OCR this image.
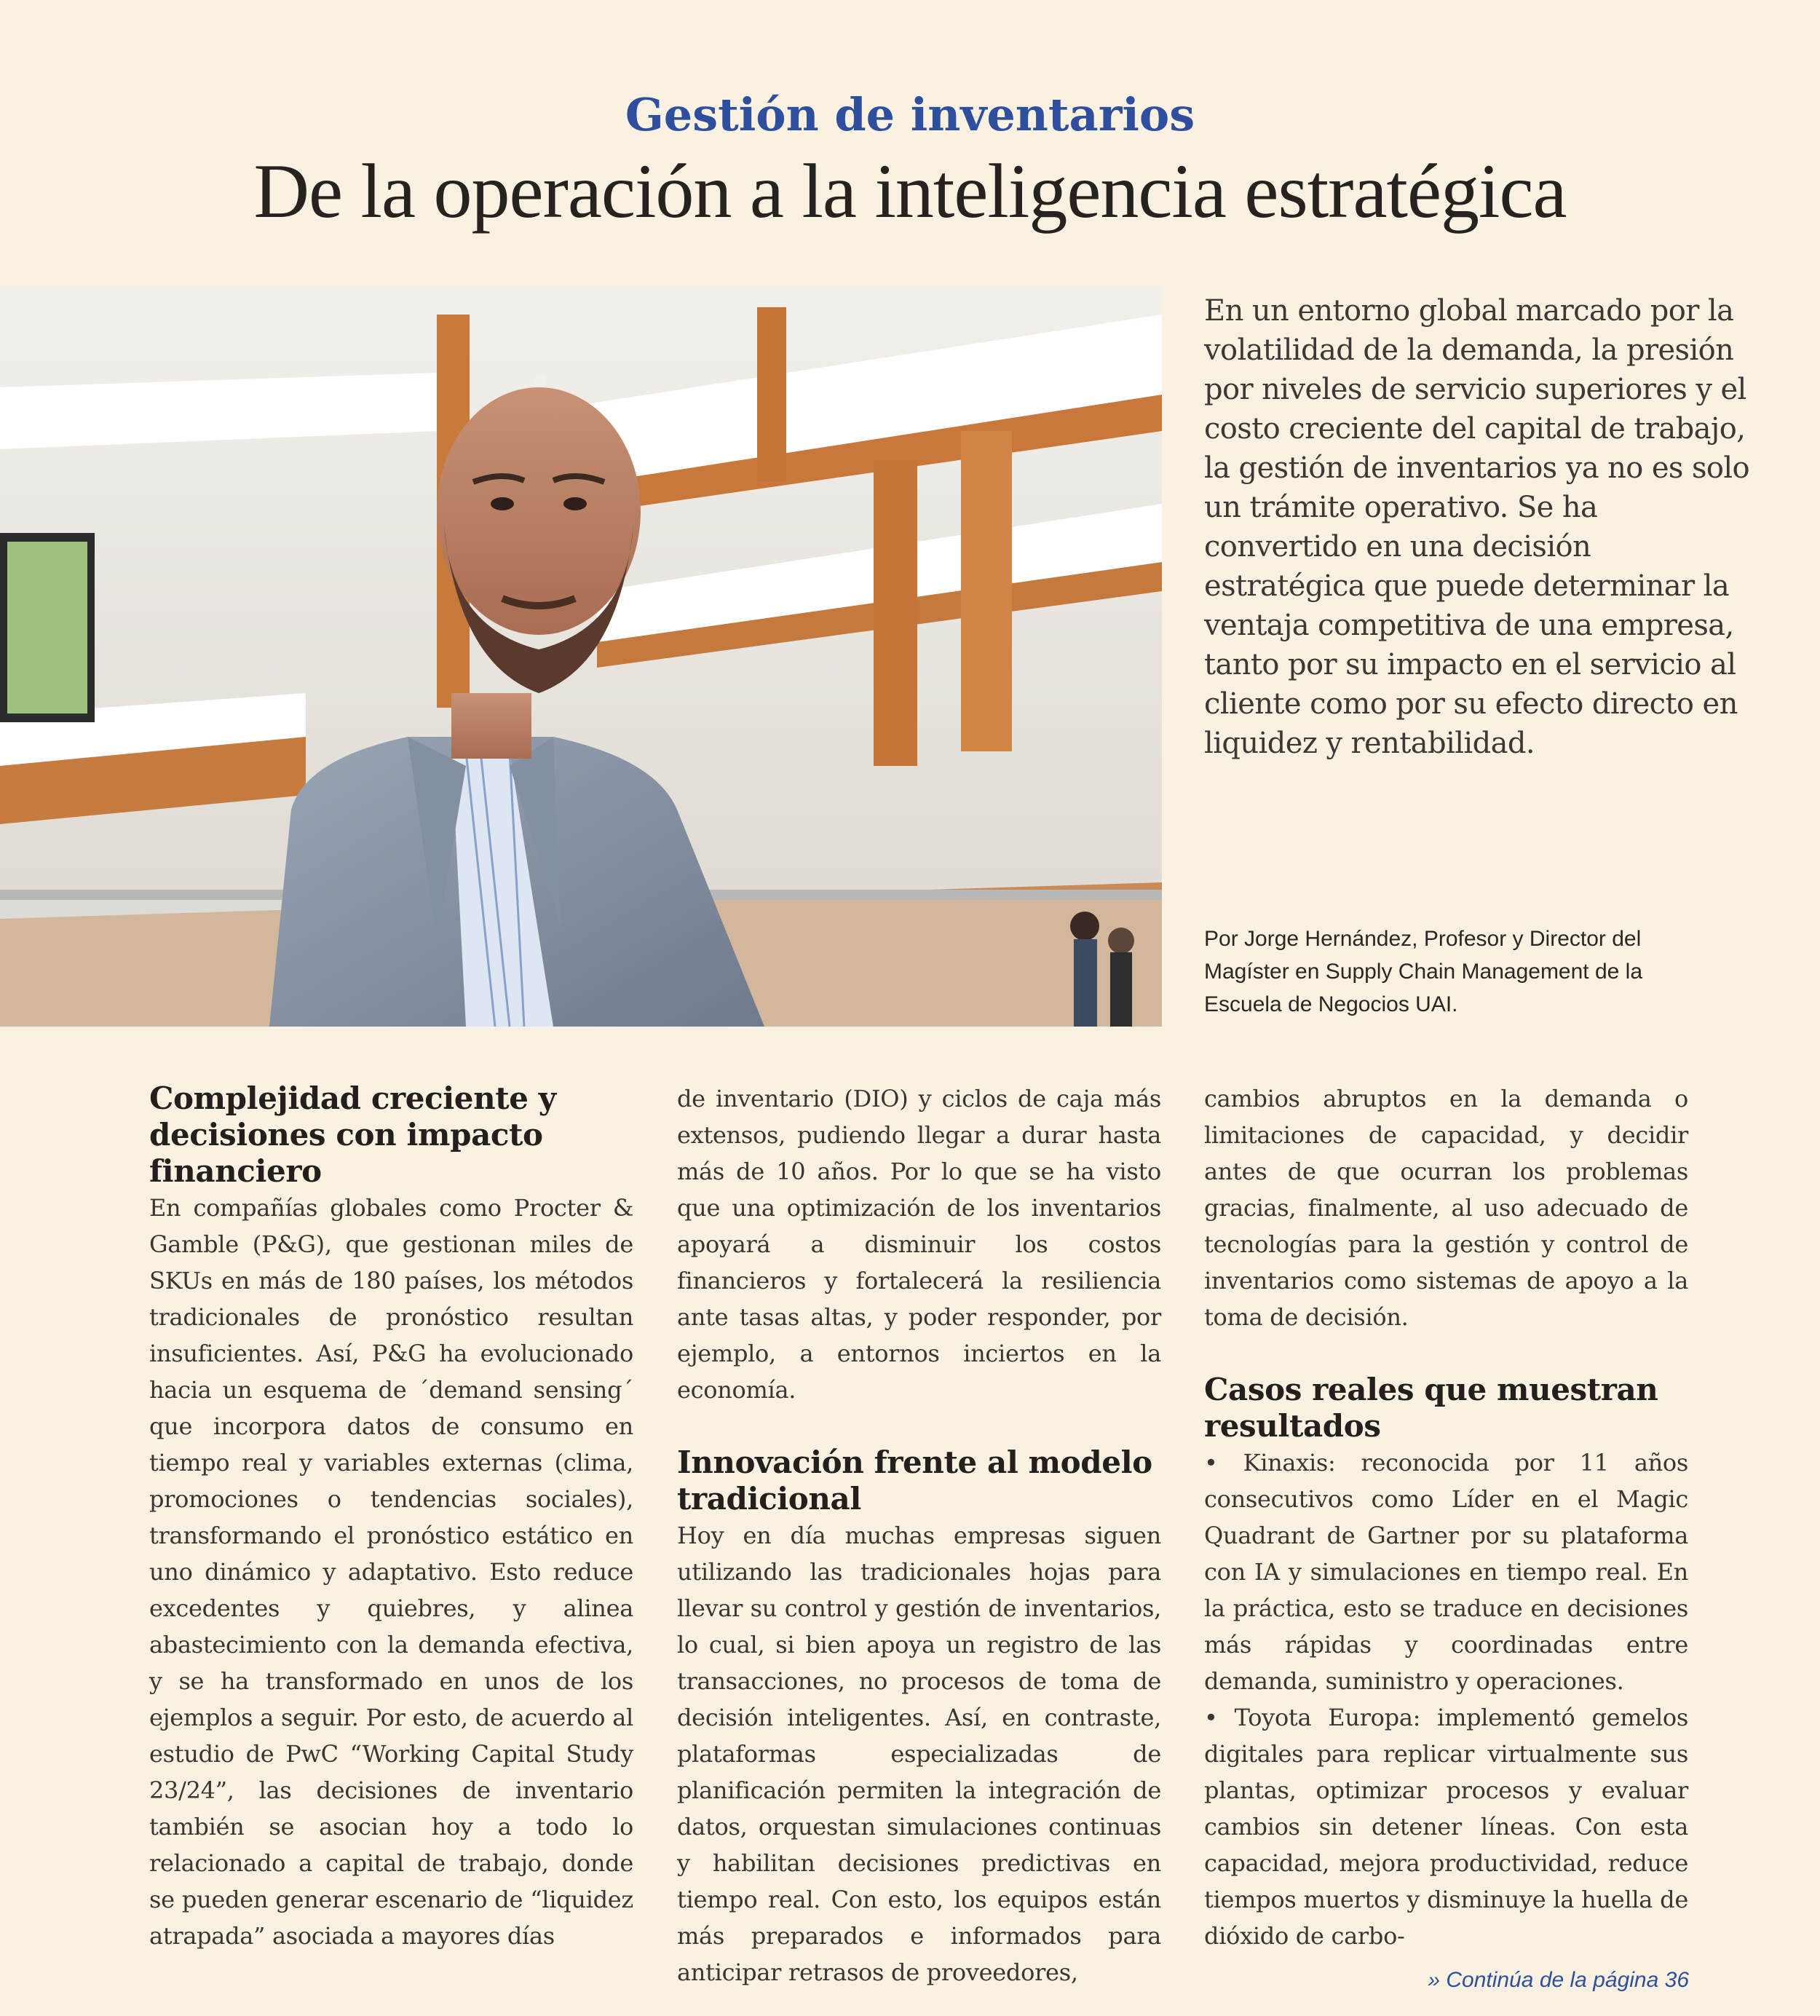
Gestión de inventarios
De la operación a la inteligencia estratégica
En un entorno global marcado por la volatilidad de la demanda, la presión por niveles de servicio superiores y el costo creciente del capital de trabajo, la gestión de inventarios ya no es solo un trámite operativo. Se ha convertido en una decisión estratégica que puede determinar la ventaja competitiva de una empresa, tanto por su impacto en el servicio al cliente como por su efecto directo en liquidez y rentabilidad.
Por Jorge Hernández, Profesor y Director del Magíster en Supply Chain Management de la Escuela de Negocios UAI.
Complejidad creciente y decisiones con impacto financiero

En compañías globales como Procter & Gamble (P&G), que gestionan miles de SKUs en más de 180 países, los métodos tradicionales de pronóstico resultan insuficientes. Así, P&G ha evolucionado hacia un esquema de ´demand sensing´ que incorpora datos de consumo en tiempo real y variables externas (clima, promociones o tendencias sociales), transformando el pronóstico estático en uno dinámico y adaptativo. Esto reduce excedentes y quiebres, y alinea abastecimiento con la demanda efectiva, y se ha transformado en unos de los ejemplos a seguir. Por esto, de acuerdo al estudio de PwC “Working Capital Study 23/24”, las decisiones de inventario también se asocian hoy a todo lo relacionado a capital de trabajo, donde se pueden generar escenario de “liquidez atrapada” asociada a mayores días

de inventario (DIO) y ciclos de caja más extensos, pudiendo llegar a durar hasta más de 10 años. Por lo que se ha visto que una optimización de los inventarios apoyará a disminuir los costos financieros y fortalecerá la resiliencia ante tasas altas, y poder responder, por ejemplo, a entornos inciertos en la economía.

Innovación frente al modelo tradicional

Hoy en día muchas empresas siguen utilizando las tradicionales hojas para llevar su control y gestión de inventarios, lo cual, si bien apoya un registro de las transacciones, no procesos de toma de decisión inteligentes. Así, en contraste, plataformas especializadas de planificación permiten la integración de datos, orquestan simulaciones continuas y habilitan decisiones predictivas en tiempo real. Con esto, los equipos están más preparados e informados para anticipar retrasos de proveedores,

cambios abruptos en la demanda o limitaciones de capacidad, y decidir antes de que ocurran los problemas gracias, finalmente, al uso adecuado de tecnologías para la gestión y control de inventarios como sistemas de apoyo a la toma de decisión.

Casos reales que muestran resultados

• Kinaxis: reconocida por 11 años consecutivos como Líder en el Magic Quadrant de Gartner por su plataforma con IA y simulaciones en tiempo real. En la práctica, esto se traduce en decisiones más rápidas y coordinadas entre demanda, suministro y operaciones.

• Toyota Europa: implementó gemelos digitales para replicar virtualmente sus plantas, optimizar procesos y evaluar cambios sin detener líneas. Con esta capacidad, mejora productividad, reduce tiempos muertos y disminuye la huella de dióxido de carbo-

» Continúa de la página 36
